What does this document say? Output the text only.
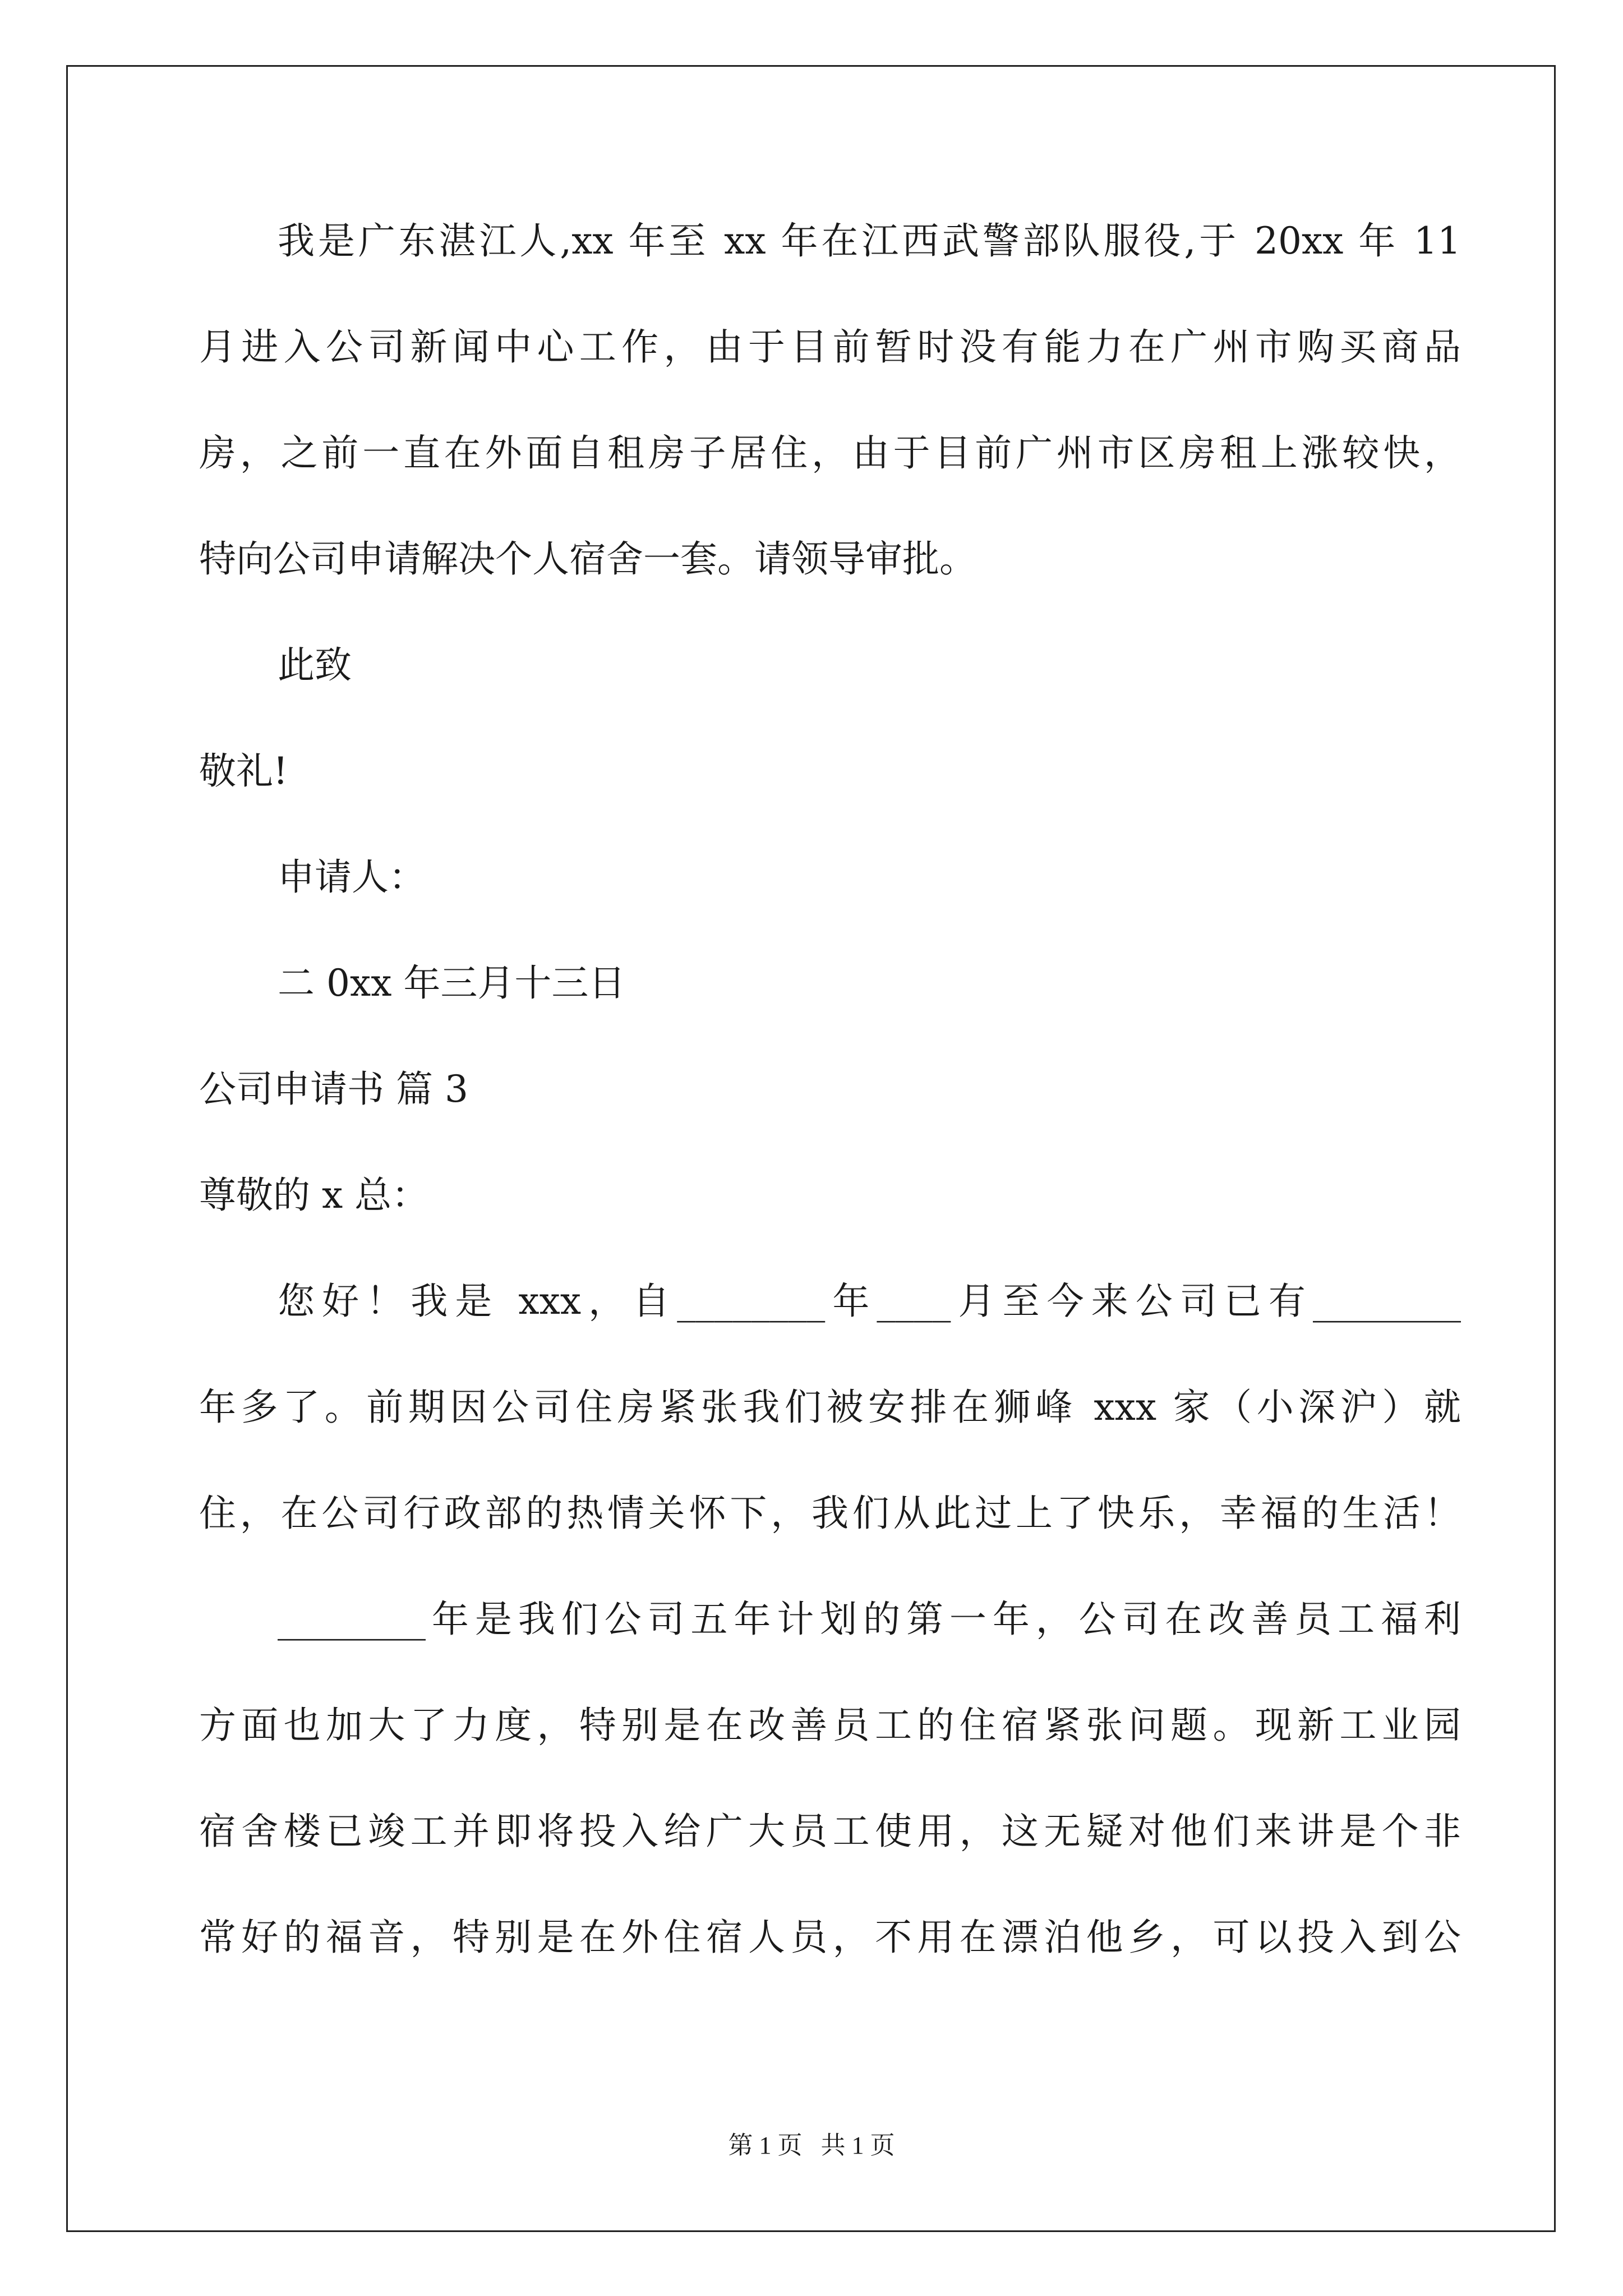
我是广东湛江人,xx 年至 xx 年在江西武警部队服役,于 20xx 年 11
月进入公司新闻中心工作，由于目前暂时没有能力在广州市购买商品
房，之前一直在外面自租房子居住，由于目前广州市区房租上涨较快，
特向公司申请解决个人宿舍一套。请领导审批。
此致
敬礼!
申请人：
二 0xx 年三月十三日
公司申请书 篇 3
尊敬的 x 总：
您好！我是 xxx，自________年____月至今来公司已有________
年多了。前期因公司住房紧张我们被安排在狮峰 xxx 家（小深沪）就
住，在公司行政部的热情关怀下，我们从此过上了快乐，幸福的生活！
________年是我们公司五年计划的第一年，公司在改善员工福利
方面也加大了力度，特别是在改善员工的住宿紧张问题。现新工业园
宿舍楼已竣工并即将投入给广大员工使用，这无疑对他们来讲是个非
常好的福音，特别是在外住宿人员，不用在漂泊他乡，可以投入到公
第 1 页   共 1 页
